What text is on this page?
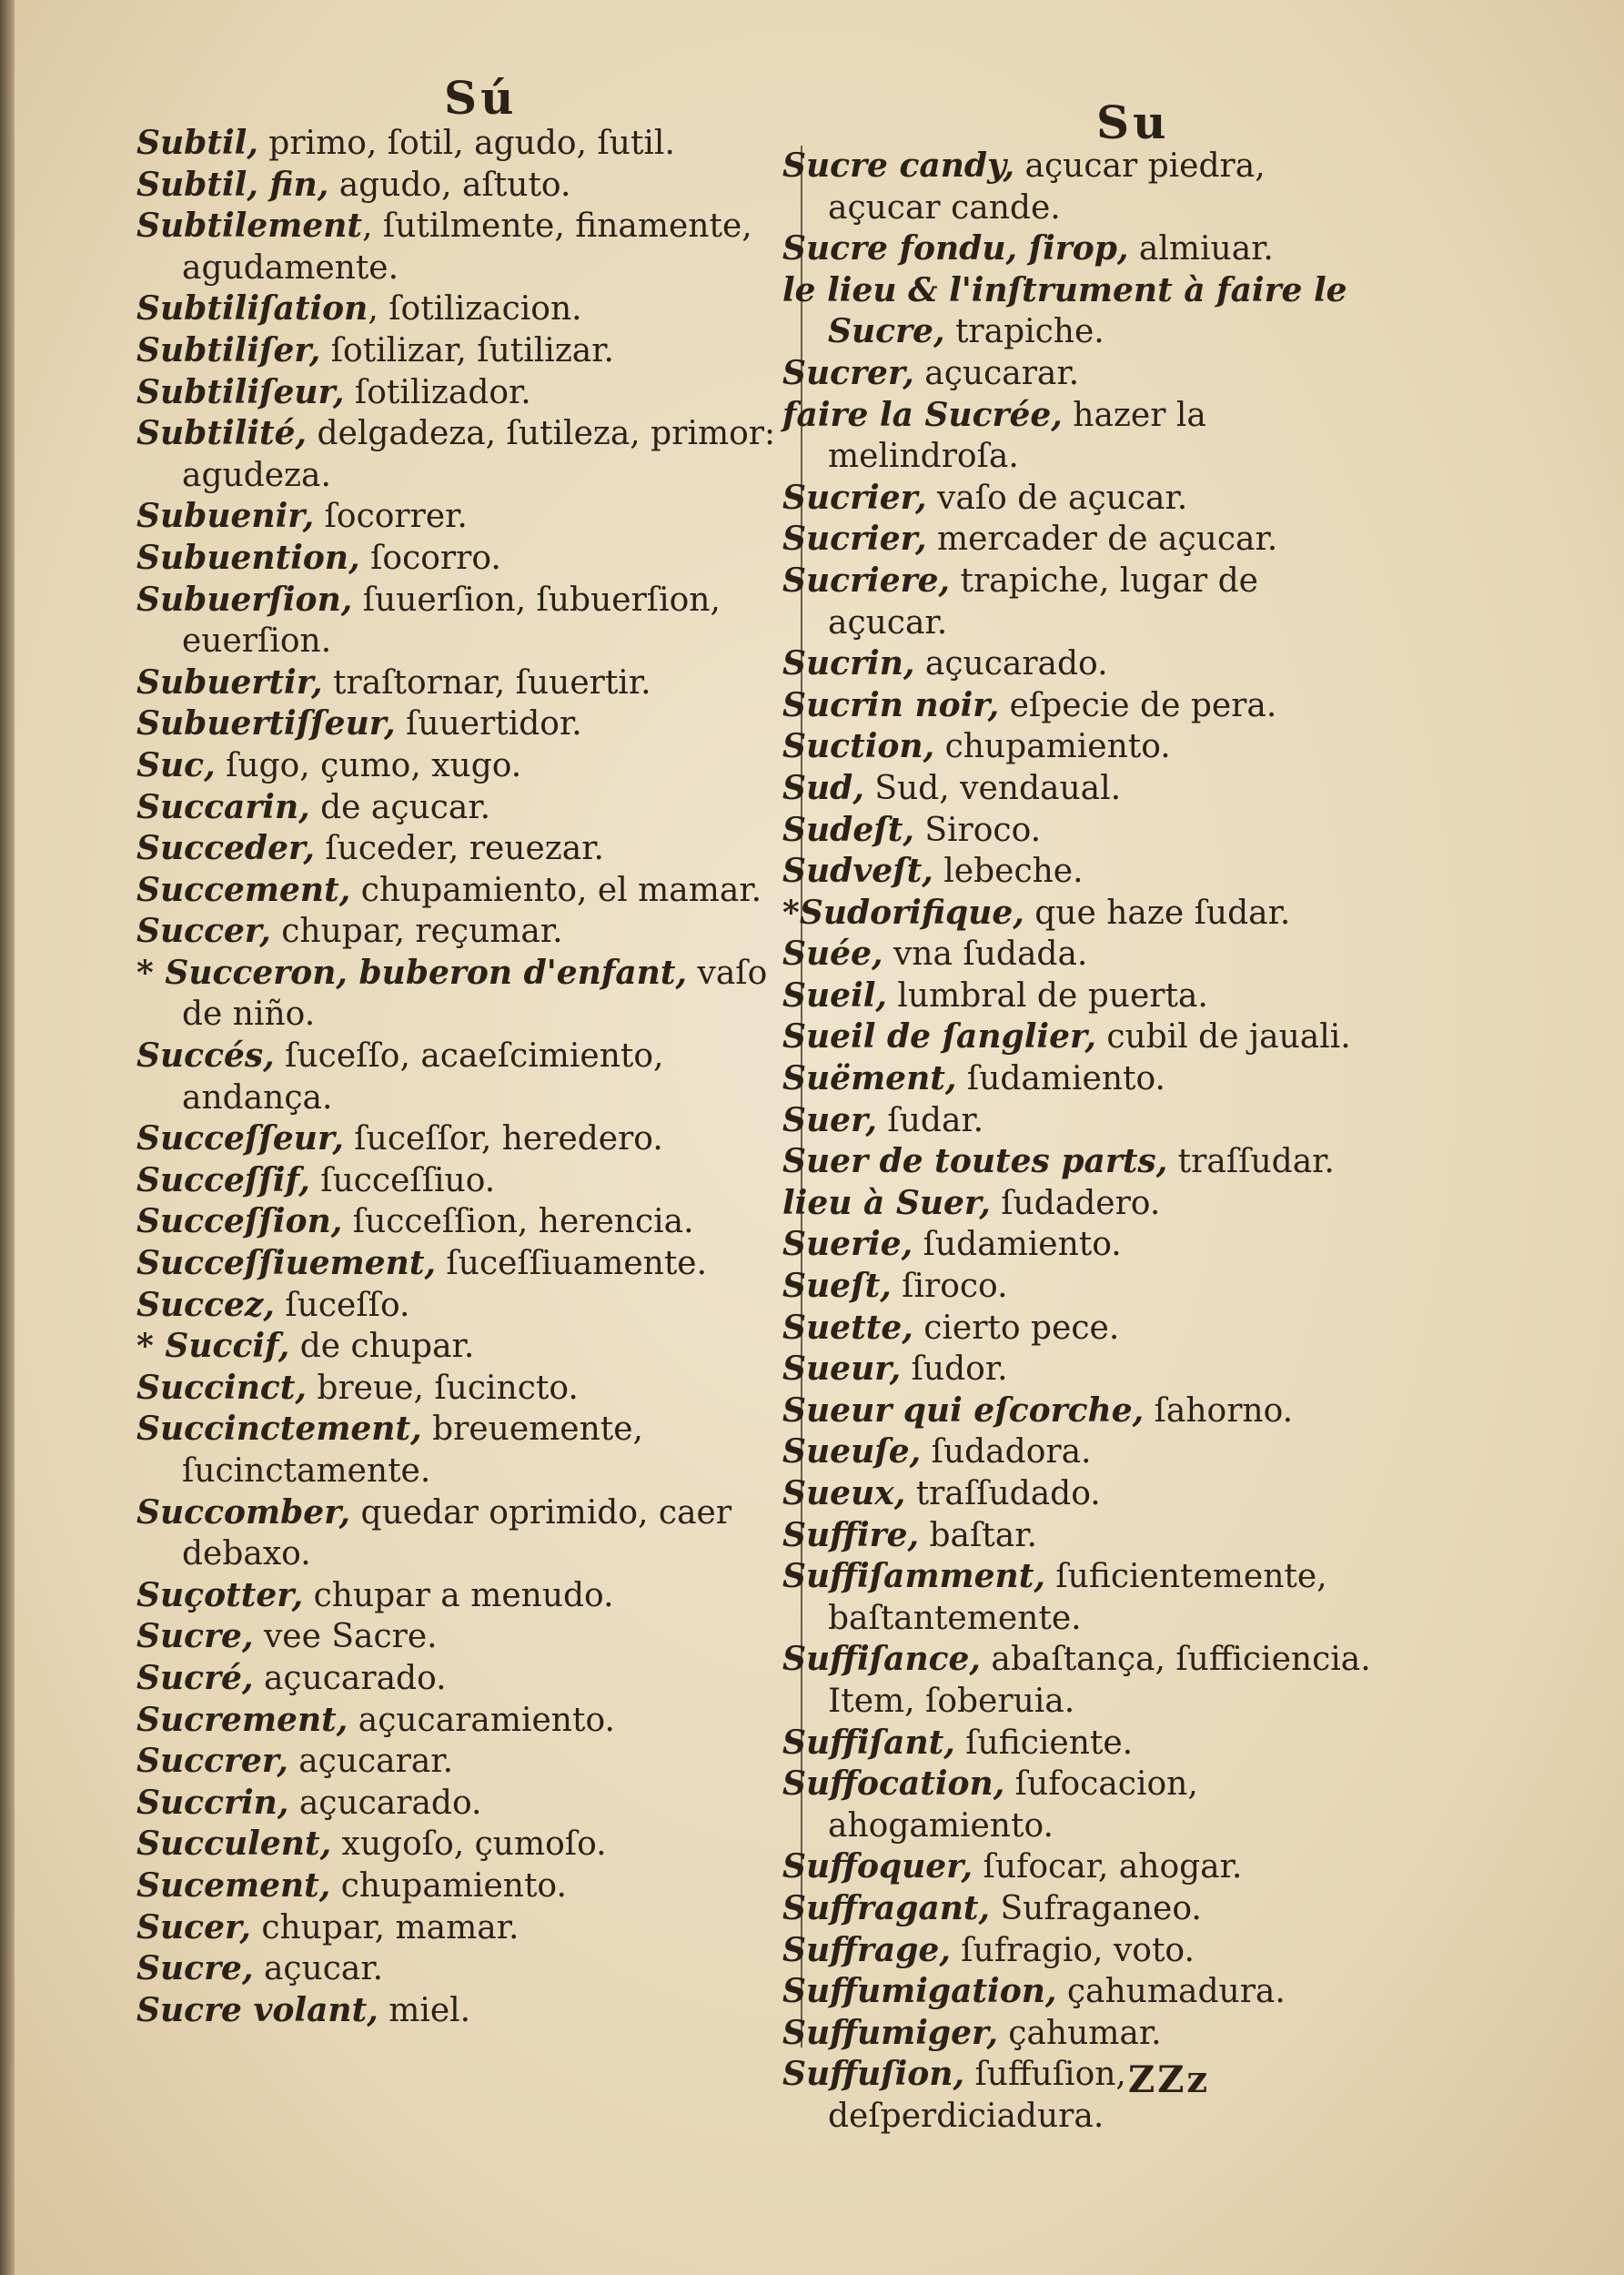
Sú	Su

Subtil, primo, ſotil, agudo, ſutil.

Subtil, fin, agudo, aſtuto.

Subtilement, ſutilmente, finamente, agudamente.

Subtiliſation, ſotilizacion.

Subtiliſer, ſotilizar, ſutilizar.

Subtiliſeur, ſotilizador.

Subtilité, delgadeza, ſutileza, primor: agudeza.

Subuenir, ſocorrer.

Subuention, ſocorro.

Subuerſion, ſuuerſion, ſubuerſion, euerſion.

Subuertir, traſtornar, ſuuertir.

Subuertiſſeur, ſuuertidor.

Suc, ſugo, çumo, xugo.

Succarin, de açucar.

Succeder, ſuceder, reuezar.

Succement, chupamiento, el mamar.

Succer, chupar, reçumar.

* Succeron, buberon d'enfant, vaſo de niño.

Succés, ſuceſſo, acaeſcimiento, andança.

Succeſſeur, ſuceſſor, heredero.

Succeſſif, ſucceſſiuo.

Succeſſion, ſucceſſion, herencia.

Succeſſiuement, ſuceſſiuamente.

Succez, ſuceſſo.

* Succif, de chupar.

Succinct, breue, ſucincto.

Succinctement, breuemente, ſucinctamente.

Succomber, quedar oprimido, caer debaxo.

Suçotter, chupar a menudo.

Sucre, vee Sacre.

Sucré, açucarado.

Sucrement, açucaramiento.

Succrer, açucarar.

Succrin, açucarado.

Succulent, xugoſo, çumoſo.

Sucement, chupamiento.

Sucer, chupar, mamar.

Sucre, açucar.

Sucre volant, miel.

Sucre candy, açucar piedra, açucar cande.

Sucre fondu, ſirop, almiuar.

le lieu & l'inſtrument à faire le Sucre, trapiche.

Sucrer, açucarar.

faire la Sucrée, hazer la melindroſa.

Sucrier, vaſo de açucar.

Sucrier, mercader de açucar.

Sucriere, trapiche, lugar de açucar.

Sucrin, açucarado.

Sucrin noir, eſpecie de pera.

Suction, chupamiento.

Sud, Sud, vendaual.

Sudeſt, Siroco.

Sudveſt, lebeche.

*Sudorifique, que haze ſudar.

Suée, vna ſudada.

Sueil, lumbral de puerta.

Sueil de ſanglier, cubil de jauali.

Suëment, ſudamiento.

Suer, ſudar.

Suer de toutes parts, traſſudar.

lieu à Suer, ſudadero.

Suerie, ſudamiento.

Sueſt, ſiroco.

Suette, cierto pece.

Sueur, ſudor.

Sueur qui eſcorche, ſahorno.

Sueuſe, ſudadora.

Sueux, traſſudado.

Suffire, baſtar.

Suffiſamment, ſuficientemente, baſtantemente.

Suffiſance, abaſtança, ſufficiencia. Item, ſoberuia.

Suffiſant, ſuficiente.

Suffocation, ſufocacion, ahogamiento.

Suffoquer, ſufocar, ahogar.

Suffragant, Sufraganeo.

Suffrage, ſufragio, voto.

Suffumigation, çahumadura.

Suffumiger, çahumar.

Suffuſion, ſuffuſion, deſperdiciadura.

ZZz
